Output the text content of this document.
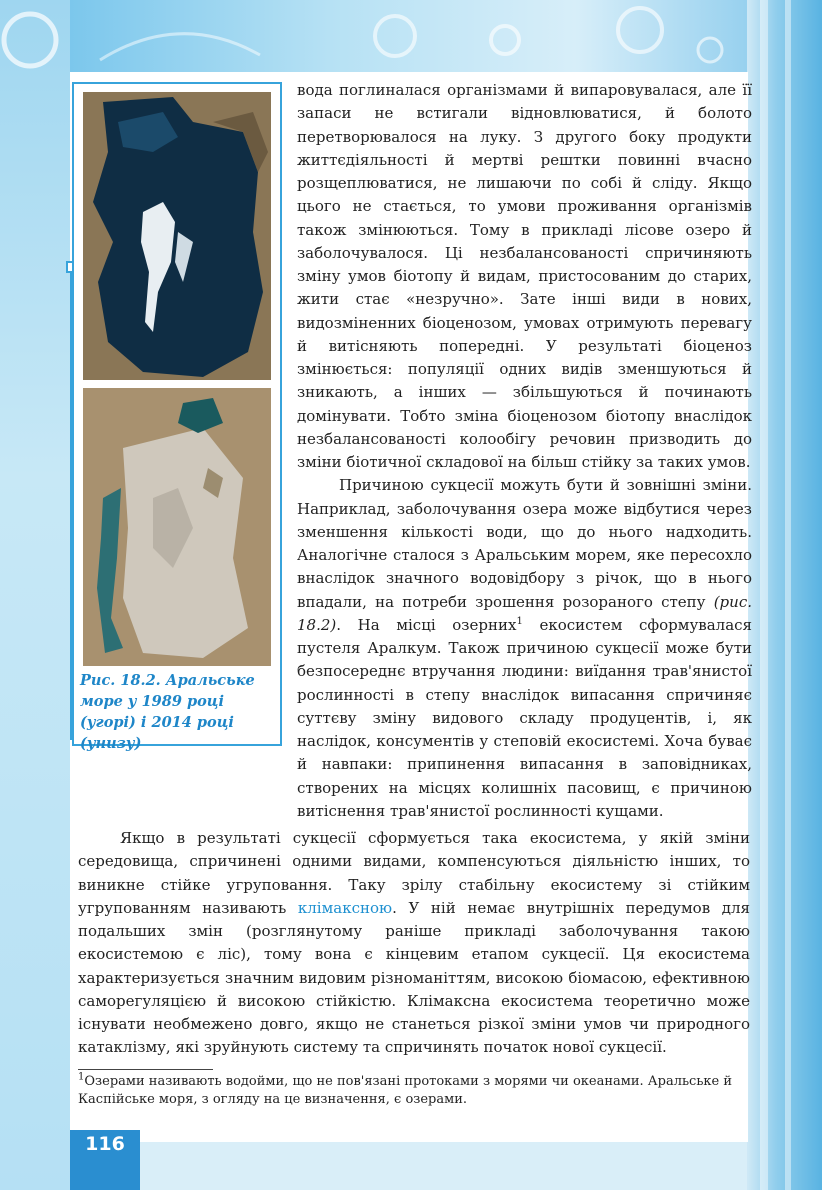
Рис. 18.2. Аральське море у 1989 році (угорі) і 2014 році (унизу)

вода поглиналася організмами й випаровувалася, але її запаси не встигали відновлюватися, й болото перетворювалося на луку. З другого боку продукти життєдіяльності й мертві рештки повинні вчасно розщеплюватися, не лишаючи по собі й сліду. Якщо цього не стається, то умови проживання організмів також змінюються. Тому в прикладі лісове озеро й заболочувалося. Ці незбалансованості спричиняють зміну умов біотопу й видам, пристосованим до старих, жити стає «незручно». Зате інші види в нових, видозміненних біоценозом, умовах отримують перевагу й витісняють попередні. У результаті біоценоз змінюється: популяції одних видів зменшуються й зникають, а інших — збільшуються й починають домінувати. Тобто зміна біоценозом біотопу внаслідок незбалансованості колообігу речовин призводить до зміни біотичної складової на більш стійку за таких умов.

Причиною сукцесії можуть бути й зовнішні зміни. Наприклад, заболочування озера може відбутися через зменшення кількості води, що до нього надходить. Аналогічне сталося з Аральським морем, яке пересохло внаслідок значного водовідбору з річок, що в нього впадали, на потреби зрошення розораного степу (рис. 18.2). На місці озерних$^1$ екосистем сформувалася пустеля Аралкум. Також причиною сукцесії може бути безпосереднє втручання людини: виїдання трав'янистої рослинності в степу внаслідок випасання спричиняє суттєву зміну видового складу продуцентів, і, як наслідок, консументів у степовій екосистемі. Хоча буває й навпаки: припинення випасання в заповідниках, створених на місцях колишніх пасовищ, є причиною витіснення трав'янистої рослинності кущами.

Якщо в результаті сукцесії сформується така екосистема, у якій зміни середовища, спричинені одними видами, компенсуються діяльністю інших, то виникне стійке угруповання. Таку зрілу стабільну екосистему зі стійким угрупованням називають клімаксною. У ній немає внутрішніх передумов для подальших змін (розглянутому раніше прикладі заболочування такою екосистемою є ліс), тому вона є кінцевим етапом сукцесії. Ця екосистема характеризується значним видовим різноманіттям, високою біомасою, ефективною саморегуляцією й високою стійкістю. Клімаксна екосистема теоретично може існувати необмежено довго, якщо не станеться різкої зміни умов чи природного катаклізму, які зруйнують систему та спричинять початок нової сукцесії.

$^1$Озерами називають водойми, що не пов'язані протоками з морями чи океанами. Аральське й Каспійське моря, з огляду на це визначення, є озерами.
116
